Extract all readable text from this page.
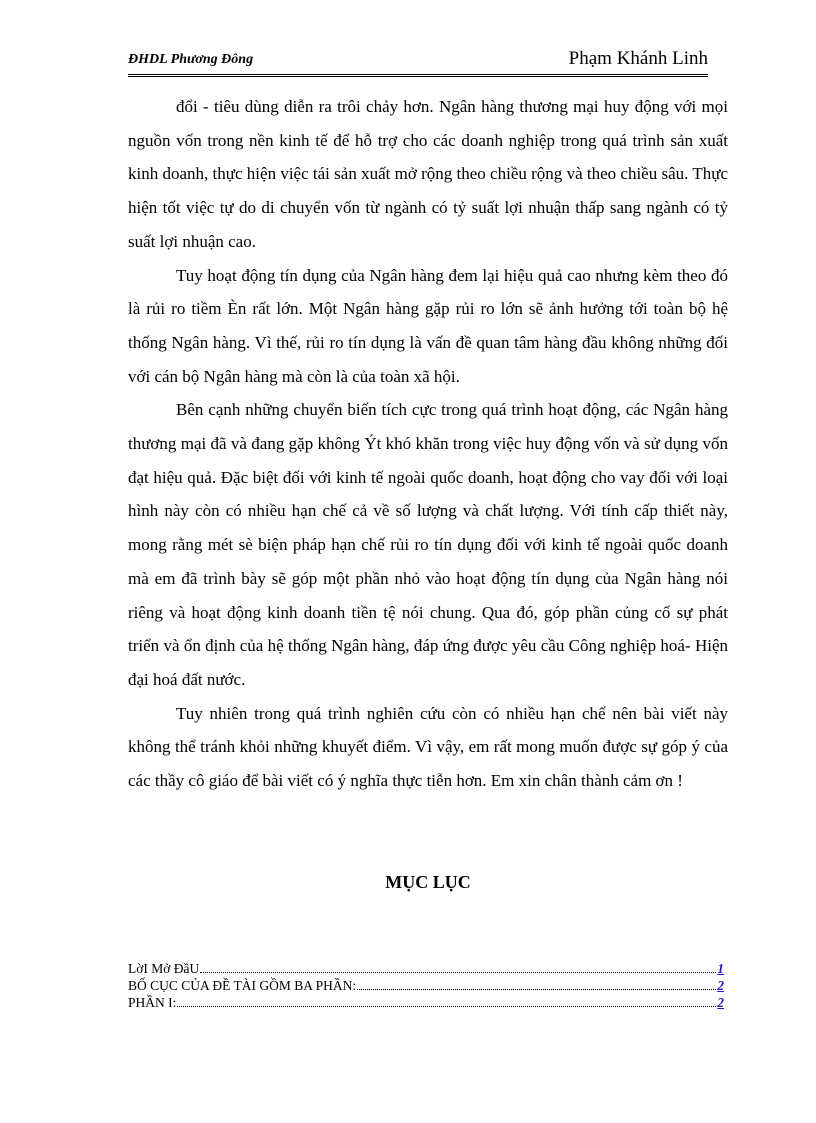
ĐHDL Phương Đông	Phạm Khánh Linh

đổi - tiêu dùng diễn ra trôi chảy hơn. Ngân hàng thương mại huy động với mọi nguồn vốn trong nền kinh tế để hỗ trợ cho các doanh nghiệp trong quá trình sản xuất kinh doanh, thực hiện việc tái sản xuất mở rộng theo chiều rộng và theo chiều sâu. Thực hiện tốt việc tự do di chuyển vốn từ ngành có tỷ suất lợi nhuận thấp sang ngành có tỷ suất lợi nhuận cao.

Tuy hoạt động tín dụng của Ngân hàng đem lại hiệu quả cao nhưng kèm theo đó là rủi ro tiềm Èn rất lớn. Một Ngân hàng gặp rủi ro lớn sẽ ảnh hưởng tới toàn bộ hệ thống Ngân hàng. Vì thế, rủi ro tín dụng là vấn đề quan tâm hàng đầu không những đối với cán bộ Ngân hàng mà còn là của toàn xã hội.

Bên cạnh những chuyển biến tích cực trong quá trình hoạt động, các Ngân hàng thương mại đã và đang gặp không Ýt khó khăn trong việc huy động vốn và sử dụng vốn đạt hiệu quả. Đặc biệt đối với kinh tế ngoài quốc doanh, hoạt động cho vay đối với loại hình này còn có nhiều hạn chế cả về số lượng và chất lượng. Với tính cấp thiết này, mong rằng mét sè biện pháp hạn chế rủi ro tín dụng đối với kinh tế ngoài quốc doanh mà em đã trình bày sẽ góp một phần nhỏ vào hoạt động tín dụng của Ngân hàng nói riêng và hoạt động kinh doanh tiền tệ nói chung. Qua đó, góp phần củng cố sự phát triển và ổn định của hệ thống Ngân hàng, đáp ứng được yêu cầu Công nghiệp hoá- Hiện đại hoá đất nước.

Tuy nhiên trong quá trình nghiên cứu còn có nhiều hạn chế nên bài viết này không thể tránh khỏi những khuyết điểm. Vì vậy, em rất mong muốn được sự góp ý của các thầy cô giáo để bài viết có ý nghĩa thực tiễn hơn. Em xin chân thành cảm ơn !

MỤC LỤC
LờI Mở ĐầU	1
BỐ CỤC CỦA ĐỀ TÀI GỒM BA PHẦN:	2
PHẦN I:	2
